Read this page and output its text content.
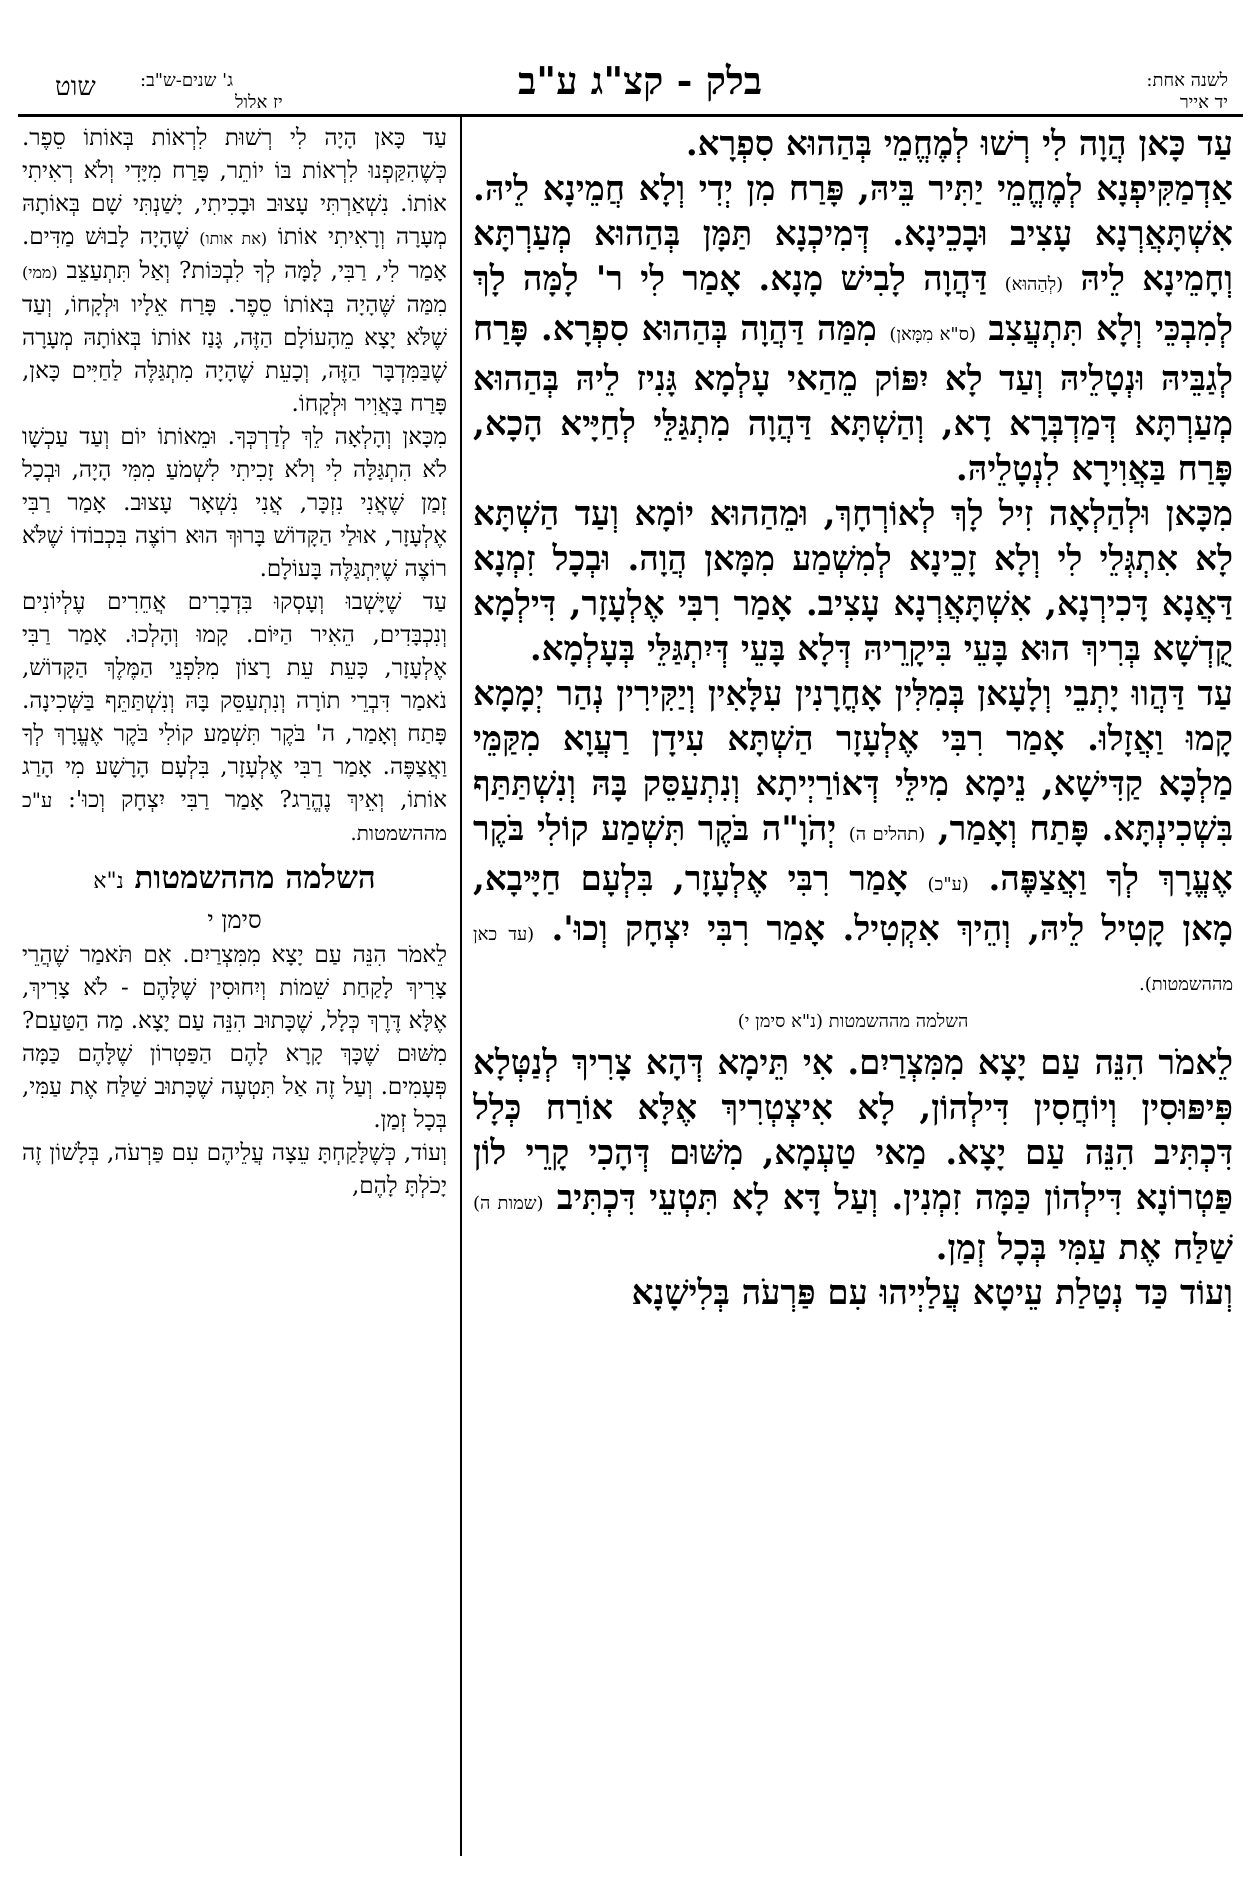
לשנה אחת:
יד אייר
בלק - קצ"ג ע"ב
ג' שנים-ש"ב:
יז אלול
שוט

עַד כָּאן הֲוָה לִי רְשׁוּ לְמֶחֱמֵי בְּהַהוּא סִפְרָא.

אַדְמַקִּיפְנָא לְמֶחֱמֵי יַתִּיר בֵּיהּ, פָּרַח מִן יְדִי וְלָא חֲמֵינָא לֵיהּ. אִשְׁתָּאֲרְנָא עָצִיב וּבָכֵינָא. דְּמִיכְנָא תַּמָּן בְּהַהוּא מְעַרְתָּא וְחָמֵינָא לֵיהּ (לְהַהוּא) דַּהֲוָה לָבִישׁ מָנָא. אָמַר לִי ר' לָמָּה לָךְ לְמִבְכֵּי וְלָא תִּתְעֲצִב (ס"א מִמָּאן) מִמַּה דַּהֲוָה בְּהַהוּא סִפְרָא. פָּרַח לְגַבֵּיהּ וּנְטָלֵיהּ וְעַד לָא יִפּוֹק מֵהַאי עָלְמָא גָּנִיז לֵיהּ בְּהַהוּא מְעַרְתָּא דְּמַדְבְּרָא דָא, וְהַשְׁתָּא דַּהֲוָה מִתְגַּלֵּי לְחַיָּיא הָכָא, פָּרַח בַּאֲוִירָא לִנְטָלֵיהּ.

מִכָּאן וּלְהַלְאָה זִיל לָךְ לְאוֹרְחָךְ, וּמֵהַהוּא יוֹמָא וְעַד הַשְׁתָּא לָא אִתְגְּלֵי לִי וְלָא זָכֵינָא לְמִשְׁמַע מִמָּאן הֲוָה. וּבְכָל זִמְנָא דַּאֲנָא דָּכִירְנָא, אִשְׁתָּאֲרְנָא עָצִיב. אָמַר רִבִּי אֶלְעָזָר, דִּילְמָא קֻדְשָׁא בְּרִיךְ הוּא בָּעֵי בִּיקָרֵיהּ דְּלָא בָּעֵי דְּיִתְגַּלֵּי בְּעָלְמָא.

עַד דַּהֲווּ יָתְבֵי וְלָעָאן בְּמִלִּין אָחֳרָנִין עִלָּאִין וְיַקִּירִין נְהַר יְמָמָא קָמוּ וַאֲזָלוּ. אָמַר רִבִּי אֶלְעָזָר הַשְׁתָּא עִידָן רַעֲוָא מִקַּמֵּי מַלְכָּא קַדִּישָׁא, נֵימָא מִילֵּי דְּאוֹרַיְיתָא וְנִתְעַסֵּק בָּהּ וְנִשְׁתַּתַּף בִּשְׁכִינְתָּא. פָּתַח וְאָמַר, (תהלים ה) יְהֹוָ"ה בֹּקֶר תִּשְׁמַע קוֹלִי בֹּקֶר אֶעֱרָךְ לְךָ וַאֲצַפֶּה. (ע"כ) אָמַר רִבִּי אֶלְעָזָר, בִּלְעָם חַיָּיבָא, מָאן קָטִיל לֵיהּ, וְהֵיךְ אִקְטִיל. אָמַר רִבִּי יִצְחָק וְכוּ'. (עד כאן מההשמטות).

השלמה מההשמטות (נ"א סימן י)

לֵאמֹר הִנֵּה עַם יָצָא מִמִּצְרַיִם. אִי תֵּימָא דְּהָא צָרִיךְ לְנַטְּלָא פִּיפּוּסִין וְיוֹחֲסִין דִּילְהוֹן, לָא אִיצְטְרִיךְ אֶלָּא אוֹרַח כְּלָל דִּכְתִּיב הִנֵּה עַם יָצָא. מַאי טַעְמָא, מִשּׁוּם דְּהָכִי קָרֵי לוֹן פַּטְרוֹנָא דִּילְהוֹן כַּמָּה זִמְנִין. וְעַל דָּא לָא תִּטְעֵי דִּכְתִּיב (שמות ה) שַׁלַּח אֶת עַמִּי בְּכָל זְמַן.

וְעוֹד כַּד נְטַלַת עֵיטָא עֲלַיְיהוּ עִם פַּרְעֹה בְּלִישָׁנָא

עַד כָּאן הָיָה לִי רְשׁוּת לִרְאוֹת בְּאוֹתוֹ סֵפֶר. כְּשֶׁהִקַּפְנוּ לִרְאוֹת בּוֹ יוֹתֵר, פָּרַח מִיָּדִי וְלֹא רְאִיתִי אוֹתוֹ. נִשְׁאַרְתִּי עָצוּב וּבָכִיתִי, יָשַׁנְתִּי שָׁם בְּאוֹתָהּ מְעָרָה וְרָאִיתִי אוֹתוֹ (את אותו) שֶׁהָיָה לָבוּשׁ מַדִּים. אָמַר לִי, רַבִּי, לָמָּה לְךָ לִבְכּוֹת? וְאַל תִּתְעַצֵּב (ממי) מִמַּה שֶּׁהָיָה בְּאוֹתוֹ סֵפֶר. פָּרַח אֵלָיו וּלְקָחוֹ, וְעַד שֶׁלֹּא יָצָא מֵהָעוֹלָם הַזֶּה, גָּנַז אוֹתוֹ בְּאוֹתָהּ מְעָרָה שֶׁבַּמִּדְבָּר הַזֶּה, וְכָעֵת שֶׁהָיָה מִתְגַּלֶּה לַחַיִּים כָּאן, פָּרַח בָּאֲוִיר וּלְקָחוֹ.

מִכָּאן וְהָלְאָה לֵךְ לְדַרְכְּךָ. וּמֵאוֹתוֹ יוֹם וְעַד עַכְשָׁו לֹא הִתְגַּלָּה לִי וְלֹא זָכִיתִי לִשְׁמֹעַ מִמִּי הָיָה, וּבְכָל זְמַן שֶׁאֲנִי נִזְכָּר, אֲנִי נִשְׁאָר עָצוּב. אָמַר רַבִּי אֶלְעָזָר, אוּלַי הַקָּדוֹשׁ בָּרוּךְ הוּא רוֹצֶה בִּכְבוֹדוֹ שֶׁלֹּא רוֹצֶה שֶׁיִּתְגַּלֶּה בָּעוֹלָם.

עַד שֶׁיָּשְׁבוּ וְעָסְקוּ בִּדְבָרִים אֲחֵרִים עֶלְיוֹנִים וְנִכְבָּדִים, הֵאִיר הַיּוֹם. קָמוּ וְהָלְכוּ. אָמַר רַבִּי אֶלְעָזָר, כָּעֵת עֵת רָצוֹן מִלִּפְנֵי הַמֶּלֶךְ הַקָּדוֹשׁ, נֹאמַר דִּבְרֵי תוֹרָה וְנִתְעַסֵּק בָּהּ וְנִשְׁתַּתֵּף בַּשְּׁכִינָה. פָּתַח וְאָמַר, ה' בֹּקֶר תִּשְׁמַע קוֹלִי בֹּקֶר אֶעֱרָךְ לְךָ וַאֲצַפֶּה. אָמַר רַבִּי אֶלְעָזָר, בִּלְעָם הָרָשָׁע מִי הָרַג אוֹתוֹ, וְאֵיךְ נֶהֱרַג? אָמַר רַבִּי יִצְחָק וְכוּ': ע"כ מההשמטות.

השלמה מההשמטות נ"א
סימן י

לֵאמֹר הִנֵּה עַם יָצָא מִמִּצְרַיִם. אִם תֹּאמַר שֶׁהֲרֵי צָרִיךְ לָקַחַת שֵׁמוֹת וְיִחוּסִין שֶׁלָּהֶם - לֹא צָרִיךְ, אֶלָּא דֶּרֶךְ כְּלָל, שֶׁכָּתוּב הִנֵּה עַם יָצָא. מַה הַטַּעַם? מִשּׁוּם שֶׁכָּךְ קָרָא לָהֶם הַפַּטְרוֹן שֶׁלָּהֶם כַּמָּה פְּעָמִים. וְעַל זֶה אַל תִּטְעֶה שֶׁכָּתוּב שַׁלַּח אֶת עַמִּי, בְּכָל זְמַן.

וְעוֹד, כְּשֶׁלָּקַחְתָּ עֵצָה עֲלֵיהֶם עִם פַּרְעֹה, בְּלָשׁוֹן זֶה יָכֹלְתָּ לָהֶם,
